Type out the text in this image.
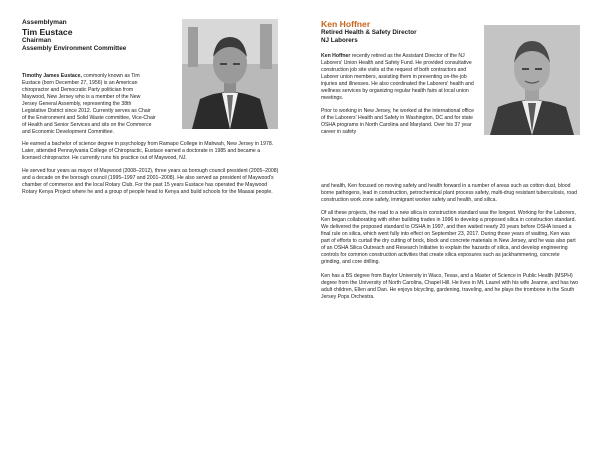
Assemblyman
Tim Eustace
Chairman
Assembly Environment Committee

Timothy James Eustace, commonly known as Tim Eustace (born December 27, 1956) is an American chiropractor and Democratic Party politician from Maywood, New Jersey who is a member of the New Jersey General Assembly, representing the 38th Legislative District since 2012. Currently serves as Chair of the Environment and Solid Waste committee, Vice-Chair of Health and Senior Services and sits on the Commerce and Economic Development Committee.

He earned a bachelor of science degree in psychology from Ramapo College in Mahwah, New Jersey in 1978. Later, attended Pennsylvania College of Chiropractic, Eustace earned a doctorate in 1985 and became a licensed chiropractor. He currently runs his practice out of Maywood, NJ.

He served four years as mayor of Maywood (2008–2012), three years as borough council president (2005–2008) and a decade on the borough council (1995–1997 and 2001–2008). He also served as president of Maywood's chamber of commerce and the local Rotary Club. For the past 15 years Eustace has operated the Maywood Rotary Kenya Project where he and a group of people head to Kenya and build schools for the Maasai people.

Ken Hoffner
Retired Health & Safety Director
NJ Laborers

Ken Hoffner recently retired as the Assistant Director of the NJ Laborers' Union Health and Safety Fund. He provided consultative construction job site visits at the request of both contractors and Laborer union members, assisting them in preventing on-the-job injuries and illnesses. He also coordinated the Laborers' health and wellness services by organizing regular health fairs at local union meetings.

Prior to working in New Jersey, he worked at the international office of the Laborers' Health and Safety in Washington, DC and for state OSHA programs in North Carolina and Maryland. Over his 37 year career in safety

and health, Ken focused on moving safety and health forward in a number of areas such as cotton dust, blood borne pathogens, lead in construction, petrochemical plant process safety, multi-drug resistant tuberculosis, road construction work zone safety, immigrant worker safety and health, and silica.

Of all these projects, the road to a new silica in construction standard was the longest. Working for the Laborers, Ken began collaborating with other building trades in 1996 to develop a proposed silica in construction standard. We delivered the proposed standard to OSHA in 1997, and then waited nearly 20 years before OSHA issued a final rule on silica, which went fully into effect on September 23, 2017. During those years of waiting, Ken was part of efforts to curtail the dry cutting of brick, block and concrete materials in New Jersey, and he was also part of an OSHA Silica Outreach and Research Initiative to explain the hazards of silica, and develop engineering controls for common construction activities that create silica exposures such as jackhammering, concrete grinding, and core drilling.

Ken has a BS degree from Baylor University in Waco, Texas, and a Master of Science in Public Health (MSPH) degree from the University of North Carolina, Chapel Hill. He lives in Mt. Laurel with his wife Jeanne, and has two adult children, Ellen and Dan. He enjoys bicycling, gardening, traveling, and he plays the trombone in the South Jersey Pops Orchestra.
